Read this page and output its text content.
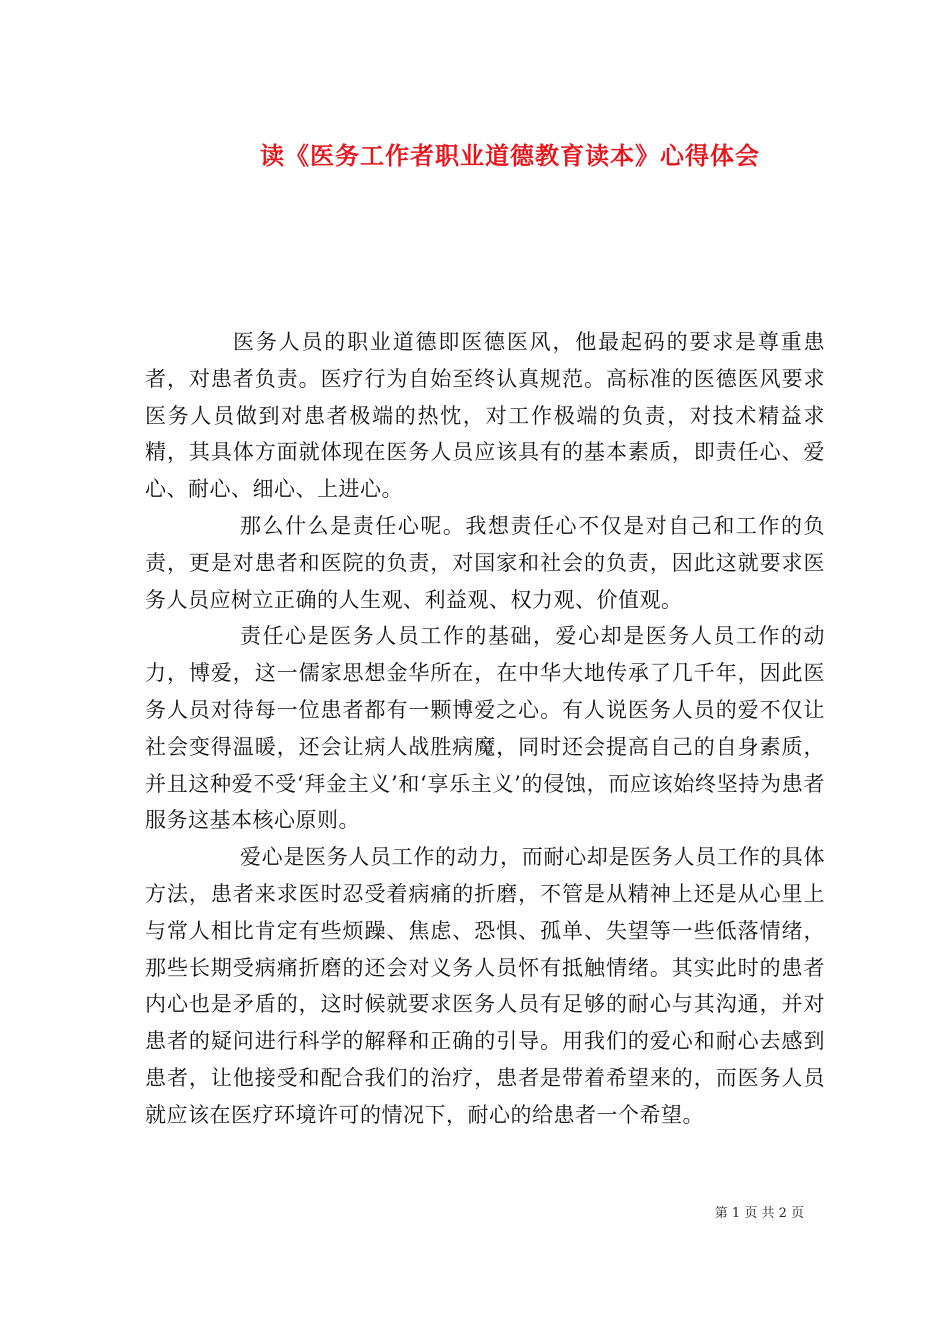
读《医务工作者职业道德教育读本》心得体会

医务人员的职业道德即医德医风，他最起码的要求是尊重患者，对患者负责。医疗行为自始至终认真规范。高标准的医德医风要求医务人员做到对患者极端的热忱，对工作极端的负责，对技术精益求精，其具体方面就体现在医务人员应该具有的基本素质，即责任心、爱心、耐心、细心、上进心。

那么什么是责任心呢。我想责任心不仅是对自己和工作的负责，更是对患者和医院的负责，对国家和社会的负责，因此这就要求医务人员应树立正确的人生观、利益观、权力观、价值观。

责任心是医务人员工作的基础，爱心却是医务人员工作的动力，博爱，这一儒家思想金华所在，在中华大地传承了几千年，因此医务人员对待每一位患者都有一颗博爱之心。有人说医务人员的爱不仅让社会变得温暖，还会让病人战胜病魔，同时还会提高自己的自身素质，并且这种爱不受‘拜金主义’和‘享乐主义’的侵蚀，而应该始终坚持为患者服务这基本核心原则。

爱心是医务人员工作的动力，而耐心却是医务人员工作的具体方法，患者来求医时忍受着病痛的折磨，不管是从精神上还是从心里上与常人相比肯定有些烦躁、焦虑、恐惧、孤单、失望等一些低落情绪，那些长期受病痛折磨的还会对义务人员怀有抵触情绪。其实此时的患者内心也是矛盾的，这时候就要求医务人员有足够的耐心与其沟通，并对患者的疑问进行科学的解释和正确的引导。用我们的爱心和耐心去感到患者，让他接受和配合我们的治疗，患者是带着希望来的，而医务人员就应该在医疗环境许可的情况下，耐心的给患者一个希望。

第 1 页 共 2 页
